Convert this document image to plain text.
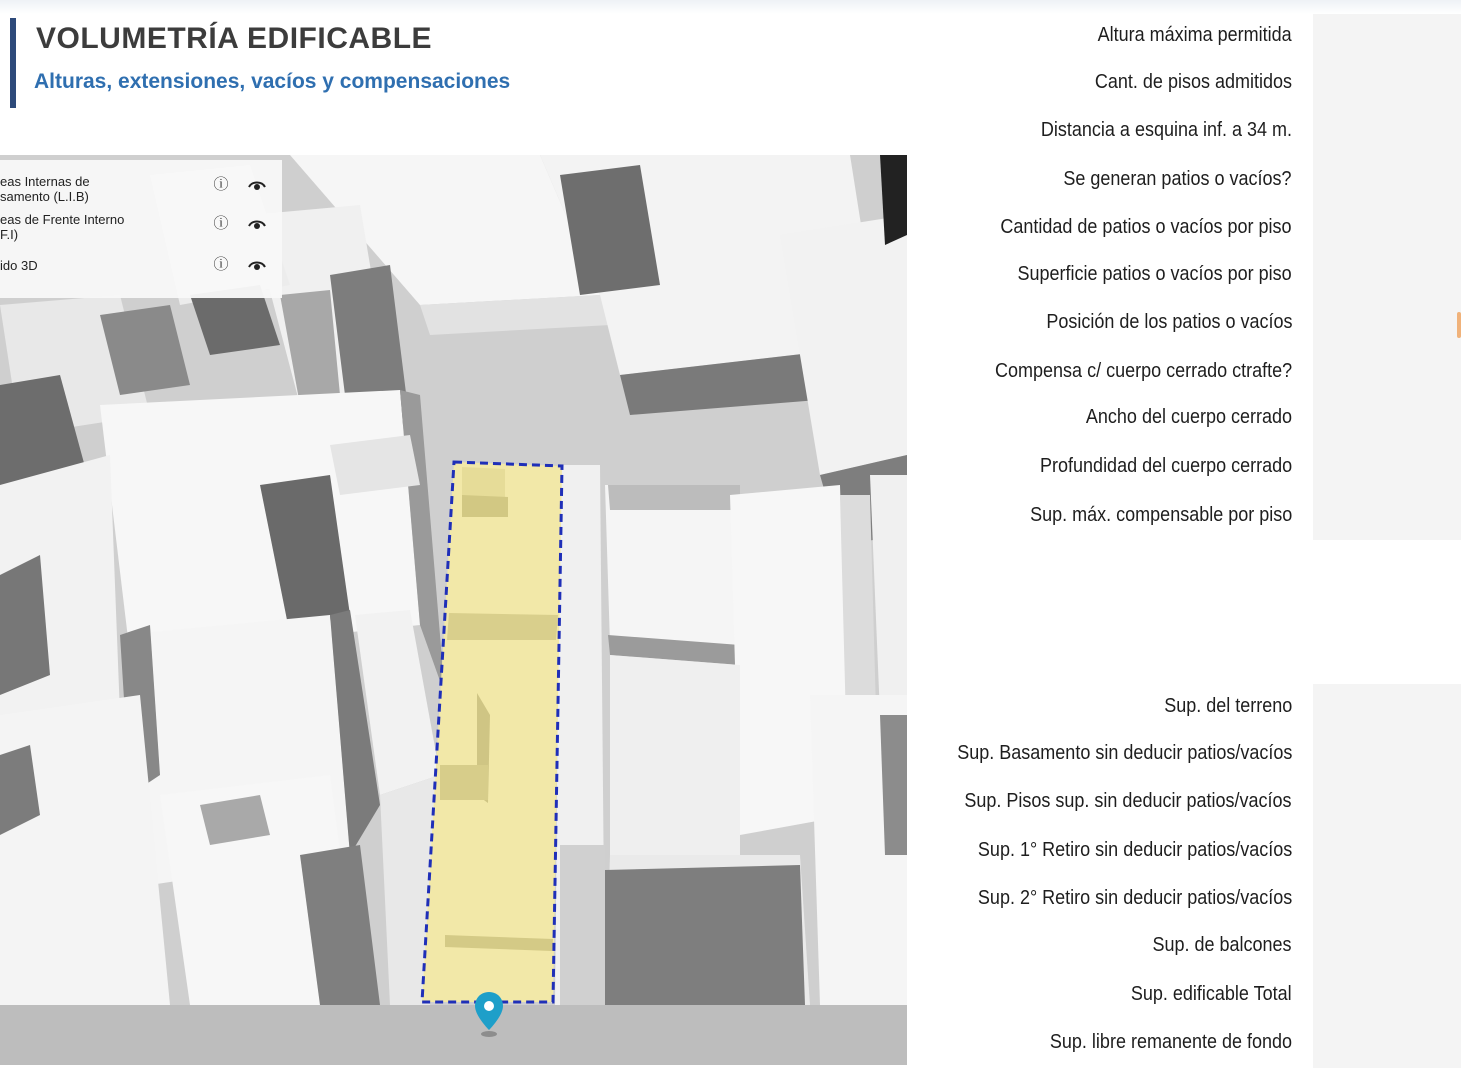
VOLUMETRÍA EDIFICABLE
Alturas, extensiones, vacíos y compensaciones
eas Internas de
samento (L.I.B)
ⓘ
eas de Frente Interno
F.I)
ⓘ
ido 3D	ⓘ
Altura máxima permitida
Cant. de pisos admitidos
Distancia a esquina inf. a 34 m.
Se generan patios o vacíos?
Cantidad de patios o vacíos por piso
Superficie patios o vacíos por piso
Posición de los patios o vacíos
Compensa c/ cuerpo cerrado ctrafte?
Ancho del cuerpo cerrado
Profundidad del cuerpo cerrado
Sup. máx. compensable por piso
Sup. del terreno
Sup. Basamento sin deducir patios/vacíos
Sup. Pisos sup. sin deducir patios/vacíos
Sup. 1° Retiro sin deducir patios/vacíos
Sup. 2° Retiro sin deducir patios/vacíos
Sup. de balcones
Sup. edificable Total
Sup. libre remanente de fondo
